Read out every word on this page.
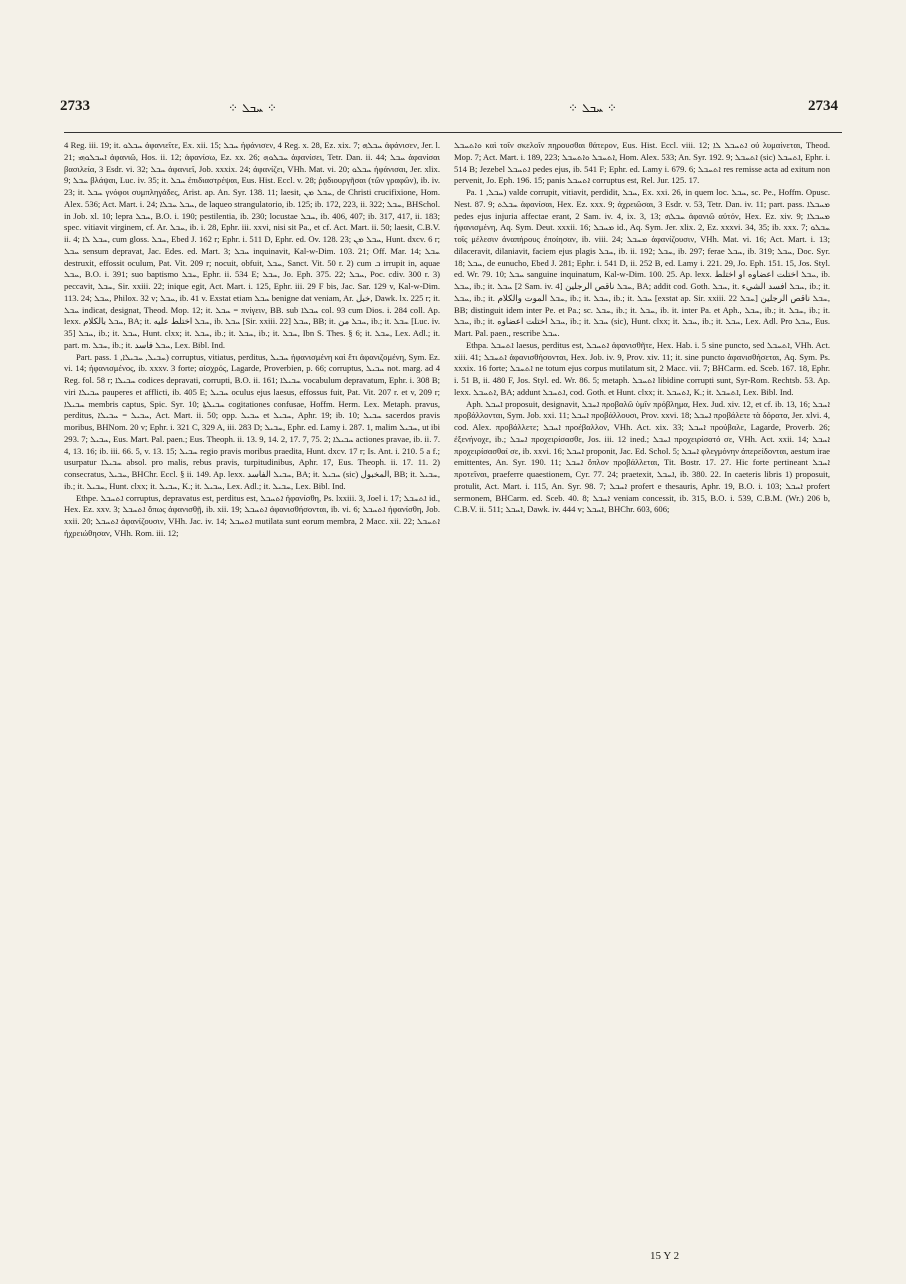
2733	⁘ ܚܒܠ ⁘	⁘ ܚܒܠ ⁘	2734

4 Reg. iii. 19; it. ܚܒܠܘ ἀφανιεῖτε, Ex. xii. 15; ܚܒܠ ἠφάνισεν, 4 Reg. x. 28, Ez. xix. 7; ܚܒܠܗ ἀφάνισεν, Jer. l. 21; ܐܚܒܠܘܗܝ ἀφανιῶ, Hos. ii. 12; ἀφανίσω, Ez. xx. 26; ܚܒܠܘܗ ἀφανίσει, Tetr. Dan. ii. 44; ܚܒܠ ἀφανίσαι βασιλεία, 3 Esdr. vi. 32; ܚܒܠ ἀφανιεῖ, Job. xxxix. 24; ἀφανίζει, VHh. Mat. vi. 20; ܚܒܠܘ ἠφάνισαι, Jer. xlix. 9; ܚܒܠ βλάψαι, Luc. iv. 35; it. ܚܒܠ ἐπιδιαστρέψαι, Eus. Hist. Eccl. v. 28; ῥᾳδιουργῆσαι (τῶν γραφῶν), ib. iv. 23; it. ܚܒܠ γνόφοι συμπληγάδες, Arist. ap. An. Syr. 138. 11; laesit, ܚܒܠ ܡܢ, de Christi crucifixione, Hom. Alex. 536; Act. Mart. i. 24; ܚܒܠ ܚܒܠܐ, de laqueo strangulatorio, ib. 125; ib. 172, 223, ii. 322; ܚܒܠ, BHSchol. in Job. xl. 10; lepra ܚܒܠ, B.O. i. 190; pestilentia, ib. 230; locustae ܚܒܠ, ib. 406, 407; ib. 317, 417, ii. 183; spec. vitiavit virginem, cf. Ar. ܚܒܠ, ib. i. 28, Ephr. iii. xxvi, nisi sit Pa., et cf. Act. Mart. ii. 50; laesit, C.B.V. ii. 4; ܚܒܠ ܠܐ, cum gloss. ܚܒܠ, Ebed J. 162 r; Ephr. i. 511 D, Ephr. ed. Ov. 128. 23; ܚܒܠ ܡܢ, Hunt. dxcv. 6 r; ܚܒܠ sensum depravat, Jac. Edes. ed. Mart. 3; ܚܒܠ inquinavit, Kal-w-Dim. 103. 21; Off. Mar. 14; ܚܒܠ destruxit, effossit oculum, Pat. Vit. 209 r; nocuit, obfuit, ܚܒܠ, Sanct. Vit. 50 r. 2) cum ܒ irrupit in, aquae ܚܒܠ, B.O. i. 391; suo baptismo ܚܒܠ, Ephr. ii. 534 E; ܚܒܠ, Jo. Eph. 375. 22; ܚܒܠ, Poc. cdiv. 300 r. 3) peccavit, ܚܒܠ, Sir. xxiii. 22; inique egit, Act. Mart. i. 125, Ephr. iii. 29 F bis, Jac. Sar. 129 v, Kal-w-Dim. 113. 24; ܚܒܠ, Philox. 32 v; ܚܒܠ, ib. 41 v. Exstat etiam ܚܒܠ benigne dat veniam, Ar. خبل, Dawk. lx. 225 r; it. ܚܒܠ indicat, designat, Theod. Mop. 12; it. ܚܒܠ = πνίγειν, BB. sub ܚܒܠܐ col. 93 cum Dios. i. 284 coll. Ap. lexx. ܚܒܠ بالكلام, BA; it. ܚܒܠ اختلط عليه, ib. ܚܒܠ [Sir. xxiii. 22] ܚܒܠ, BB; it. ܚܒܠ من, ib.; it. ܚܒܠ [Luc. iv. 35] ܚܒܠ, ib.; it. ܚܒܠ, Hunt. clxx; it. ܚܒܠ, ib.; it. ܚܒܠ, ib.; it. ܚܒܠ, Ibn S. Thes. § 6; it. ܚܒܠ, Lex. Adl.; it. part. m. ܚܒܠ, ib.; it. ܚܒܠ فاسد, Lex. Bibl. Ind.

Part. pass. ܚܒܝܠ, ܚܒܝܠܐ, 1) corruptus, vitiatus, perditus, ܚܒܝܠ ἠφανισμένη καὶ ἔτι ἀφανιζομένη, Sym. Ez. vi. 14; ἠφανισμένος, ib. xxxv. 3 forte; αἰσχρός, Lagarde, Proverbien, p. 66; corruptus, ܚܒܝܠ not. marg. ad 4 Reg. fol. 58 r; ܚܒܝܠܐ codices depravati, corrupti, B.O. ii. 161; ܚܒܝܠܐ vocabulum depravatum, Ephr. i. 308 B; viri ܚܒܝܠܐ pauperes et afflicti, ib. 405 E; ܚܒܝܠ oculus ejus laesus, effossus fuit, Pat. Vit. 207 r. et v, 209 r; ܚܒܝܠܐ membris captus, Spic. Syr. 10; ܚܒܝܠܬܐ cogitationes confusae, Hoffm. Herm. Lex. Metaph. pravus, perditus, ܚܒܝܠ = ܚܒܝܠܐ, Act. Mart. ii. 50; opp. ܚܒܝܠ et ܚܒܝܠ, Aphr. 19; ib. 10; ܚܒܝܠ sacerdos pravis moribus, BHNom. 20 v; Ephr. i. 321 C, 329 A, iii. 283 D; ܚܒܝܠ, Ephr. ed. Lamy i. 287. 1, malim ܚܒܝܠ, ut ibi 293. 7; ܚܒܝܠ, Eus. Mart. Pal. paen.; Eus. Theoph. ii. 13. 9, 14. 2, 17. 7, 75. 2; ܚܒܝܠܐ actiones pravae, ib. ii. 7. 4, 13. 16; ib. iii. 66. 5, v. 13. 15; ܚܒܝܠ regio pravis moribus praedita, Hunt. dxcv. 17 r; Is. Ant. i. 210. 5 a f.; usurpatur ܚܒܝܠܐ absol. pro malis, rebus pravis, turpitudinibus, Aphr. 17, Eus. Theoph. ii. 17. 11. 2) consecratus, ܚܒܝܠ, BHChr. Eccl. § ii. 149. Ap. lexx. ܚܒܝܠ الفاسد, BA; it. ܚܒܝܠ (sic) المخبول, BB; it. ܚܒܝܠ, ib.; it. ܚܒܝܠ, Hunt. clxx; it. ܚܒܝܠ, K.; it. ܚܒܝܠ, Lex. Adl.; it. ܚܒܝܠ, Lex. Bibl. Ind.

Ethpe. ܐܬܚܒܠ corruptus, depravatus est, perditus est, ܐܬܚܒܠ ἠφανίσθη, Ps. lxxiii. 3, Joel i. 17; ܐܬܚܒܠ id., Hex. Ez. xxv. 3; ܐܬܚܒܠ ὅπως ἀφανισθῇ, ib. xii. 19; ܐܬܚܒܠ ἀφανισθήσονται, ib. vi. 6; ܐܬܚܒܠ ἠφανίσθη, Job. xxii. 20; ܐܬܚܒܠ ἀφανίζουσιν, VHh. Jac. iv. 14; ܐܬܚܒܠ mutilata sunt eorum membra, 2 Macc. xii. 22; ܐܬܚܒܠ ἠχρειώθησαν, VHh. Rom. iii. 12;

ܘܐܬܚܒܠ καὶ τοῖν σκελοῖν πηρουσθαι θάτερον, Eus. Hist. Eccl. viii. 12; ܐܬܚܒܠ ܠܐ οὐ λυμαίνεται, Theod. Mop. 7; Act. Mart. i. 189, 223; ܐܬܚܒܠ ܘܐܬܚܒܠ, Hom. Alex. 533; An. Syr. 192. 9; ܐܬܚܒܠ (sic) ܐܬܚܒܠ, Ephr. i. 514 B; Jezebel ܐܬܚܒܠ pedes ejus, ib. 541 F; Ephr. ed. Lamy i. 679. 6; ܐܬܚܒܠ res remisse acta ad exitum non pervenit, Jo. Eph. 196. 15; panis ܐܬܚܒܠ corruptus est, Rel. Jur. 125. 17.

Pa. ܚܒܠ, 1) valde corrupit, vitiavit, perdidit, ܚܒܠ, Ex. xxi. 26, in quem loc. ܚܒܠ, sc. Pe., Hoffm. Opusc. Nest. 87. 9; ܚܒܠܬ ἀφανίσαι, Hex. Ez. xxx. 9; ἀχρειῶσαι, 3 Esdr. v. 53, Tetr. Dan. iv. 11; part. pass. ܡܚܒܠܐ pedes ejus injuria affectae erant, 2 Sam. iv. 4, ix. 3, 13; ܚܒܠܗ ἀφανιῶ αὐτόν, Hex. Ez. xiv. 9; ܡܚܒܠܐ ἠφανισμένη, Aq. Sym. Deut. xxxii. 16; ܡܚܒܠ id., Aq. Sym. Jer. xlix. 2, Ez. xxxvi. 34, 35; ib. xxx. 7; ܚܒܠܘ τοῖς μέλεσιν ἀναπήρους ἐποίησαν, ib. viii. 24; ܡܚܒܠ ἀφανίζουσιν, VHh. Mat. vi. 16; Act. Mart. i. 13; dilaceravit, dilaniavit, faciem ejus plagis ܚܒܠ, ib. ii. 192; ܚܒܠ, ib. 297; ferae ܚܒܠ, ib. 319; ܚܒܠ, Doc. Syr. 18; ܚܒܠ, de eunucho, Ebed J. 281; Ephr. i. 541 D, ii. 252 B, ed. Lamy i. 221. 29, Jo. Eph. 151. 15, Jos. Styl. ed. Wr. 79. 10; ܚܒܠ sanguine inquinatum, Kal-w-Dim. 100. 25. Ap. lexx. ܚܒܠ اختلت اعضاوه او اختلط, ib. ܚܒܠ, ib.; it. ܚܒܠ [2 Sam. iv. 4] ܚܒܠ ناقص الرجلين, BA; addit cod. Goth. ܚܒܠ, it. ܚܒܠ افسد الشيء, ib.; it. ܚܒܠ, ib.; it. ܚܒܠ الموت والكلام, ib.; it. ܚܒܠ, ib.; it. ܚܒܠ [exstat ap. Sir. xxiii. 22 ܚܒܠ] ܚܒܠ ناقص الرجلين, BB; distinguit idem inter Pe. et Pa.; sc. ܚܒܠ, ib.; it. ܚܒܠ, ib. it. inter Pa. et Aph., ܚܒܠ, ib.; it. ܚܒܠ, ib.; it. ܚܒܠ, ib.; it. ܚܒܠ اختلت اعضاوه, ib.; it. ܚܒܠ (sic), Hunt. clxx; it. ܚܒܠ, ib.; it. ܚܒܠ, Lex. Adl. Pro ܚܒܠ, Eus. Mart. Pal. paen., rescribe ܚܒܠ.

Ethpa. ܐܬܚܒܠ laesus, perditus est, ܐܬܚܒܠ ἀφανισθῆτε, Hex. Hab. i. 5 sine puncto, sed ܐܬܚܒܠ, VHh. Act. xiii. 41; ܐܬܚܒܠ ἀφανισθήσονται, Hex. Job. iv. 9, Prov. xiv. 11; it. sine puncto ἀφανισθήσεται, Aq. Sym. Ps. xxxix. 16 forte; ܐܬܚܒܠ ne totum ejus corpus mutilatum sit, 2 Macc. vii. 7; BHCarm. ed. Sceb. 167. 18, Ephr. i. 51 B, ii. 480 F, Jos. Styl. ed. Wr. 86. 5; metaph. ܐܬܚܒܠ libidine corrupti sunt, Syr-Rom. Rechtsb. 53. Ap. lexx. ܐܬܚܒܠ, BA; addunt ܐܬܚܒܠ, cod. Goth. et Hunt. clxx; it. ܐܬܚܒܠ, K.; it. ܐܬܚܒܠ, Lex. Bibl. Ind.

Aph. ܐܚܒܠ proposuit, designavit, ܐܚܒܠ προβαλῶ ὑμῖν πρόβλημα, Hex. Jud. xiv. 12, et cf. ib. 13, 16; ܐܚܒܠ προβάλλονται, Sym. Job. xxi. 11; ܐܚܒܠ προβάλλουσι, Prov. xxvi. 18; ܐܚܒܠ προβάλετε τὰ δόρατα, Jer. xlvi. 4, cod. Alex. προβάλλετε; ܐܚܒܠ προέβαλλον, VHh. Act. xix. 33; ܐܚܒܠ προύβαλε, Lagarde, Proverb. 26; ἐξενήνοχε, ib.; ܐܚܒܠ προχειρίσασθε, Jos. iii. 12 ined.; ܐܚܒܠ προχειρίσατό σε, VHh. Act. xxii. 14; ܐܚܒܠ προχειρίσασθαί σε, ib. xxvi. 16; ܐܚܒܠ proponit, Jac. Ed. Schol. 5; ܐܚܒܠ φλεγμόνην ἀπερείδονται, aestum irae emittentes, An. Syr. 190. 11; ܐܚܒܠ ὅπλον προβάλλεται, Tit. Bostr. 17. 27. Hic forte pertineant ܐܚܒܠ προτεῖναι, praeferre quaestionem, Cyr. 77. 24; praetexit, ܐܚܒܠ, ib. 380. 22. In caeteris libris 1) proposuit, protulit, Act. Mart. i. 115, An. Syr. 98. 7; ܐܚܒܠ profert e thesauris, Aphr. 19, B.O. i. 103; ܐܚܒܠ profert sermonem, BHCarm. ed. Sceb. 40. 8; ܐܚܒܠ veniam concessit, ib. 315, B.O. i. 539, C.B.M. (Wr.) 206 b, C.B.V. ii. 511; ܐܚܒܠ, Dawk. iv. 444 v; ܐܚܒܠ, BHChr. 603, 606;

15 Y 2
